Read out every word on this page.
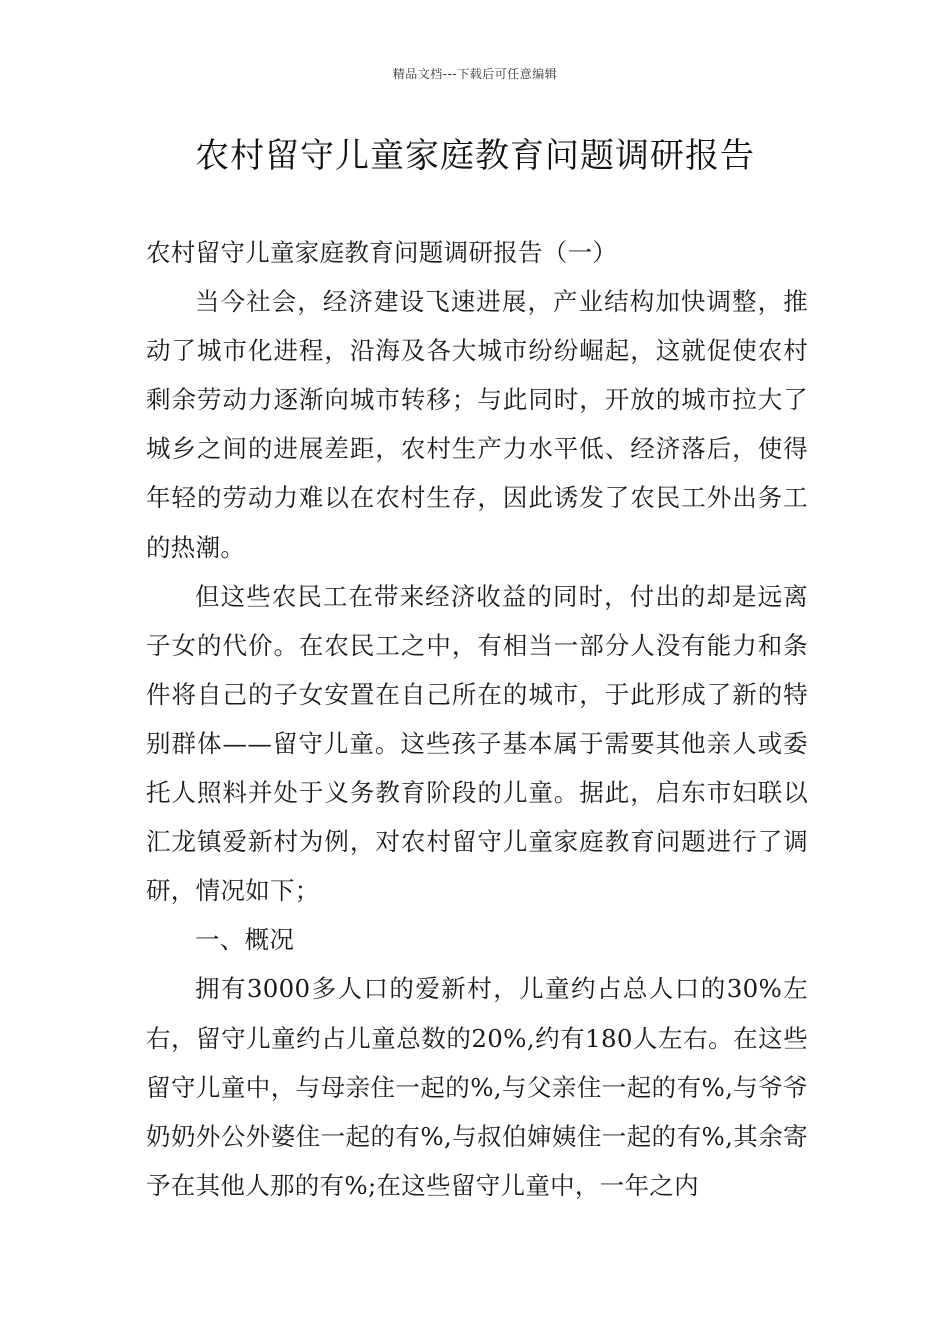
精品文档---下载后可任意编辑
农村留守儿童家庭教育问题调研报告

农村留守儿童家庭教育问题调研报告（一）

当今社会，经济建设飞速进展，产业结构加快调整，推动了城市化进程，沿海及各大城市纷纷崛起，这就促使农村剩余劳动力逐渐向城市转移；与此同时，开放的城市拉大了城乡之间的进展差距，农村生产力水平低、经济落后，使得年轻的劳动力难以在农村生存，因此诱发了农民工外出务工的热潮。

但这些农民工在带来经济收益的同时，付出的却是远离子女的代价。在农民工之中，有相当一部分人没有能力和条件将自己的子女安置在自己所在的城市，于此形成了新的特别群体——留守儿童。这些孩子基本属于需要其他亲人或委托人照料并处于义务教育阶段的儿童。据此，启东市妇联以汇龙镇爱新村为例，对农村留守儿童家庭教育问题进行了调研，情况如下；

一、概况

拥有3000多人口的爱新村，儿童约占总人口的30%左右，留守儿童约占儿童总数的20%,约有180人左右。在这些留守儿童中，与母亲住一起的%,与父亲住一起的有%,与爷爷奶奶外公外婆住一起的有%,与叔伯婶姨住一起的有%,其余寄予在其他人那的有%;在这些留守儿童中，一年之内
